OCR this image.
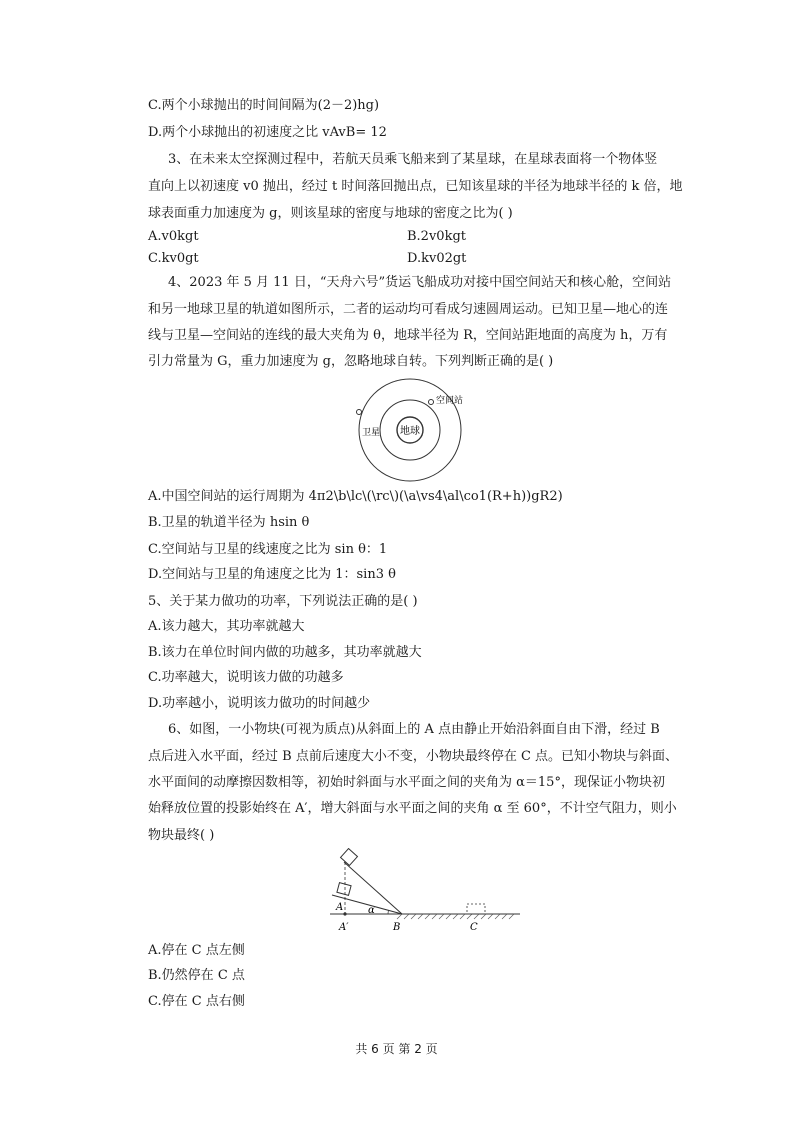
C.两个小球抛出的时间间隔为(2－2)hg)
D.两个小球抛出的初速度之比 vAvB= 12
3、在未来太空探测过程中，若航天员乘飞船来到了某星球，在星球表面将一个物体竖
直向上以初速度 v0 抛出，经过 t 时间落回抛出点，已知该星球的半径为地球半径的 k 倍，地
球表面重力加速度为 g，则该星球的密度与地球的密度之比为( )
A.v0kgt	B.2v0kgt
C.kv0gt	D.kv02gt
4、2023 年 5 月 11 日，“天舟六号”货运飞船成功对接中国空间站天和核心舱，空间站
和另一地球卫星的轨道如图所示，二者的运动均可看成匀速圆周运动。已知卫星—地心的连
线与卫星—空间站的连线的最大夹角为 θ，地球半径为 R，空间站距地面的高度为 h，万有
引力常量为 G，重力加速度为 g，忽略地球自转。下列判断正确的是( )
地球
空间站
卫星
A.中国空间站的运行周期为 4π2\b\lc\(\rc\)(\a\vs4\al\co1(R+h))gR2)
B.卫星的轨道半径为 hsin θ
C.空间站与卫星的线速度之比为 sin θ：1
D.空间站与卫星的角速度之比为 1：sin3 θ
5、关于某力做功的功率，下列说法正确的是( )
A.该力越大，其功率就越大
B.该力在单位时间内做的功越多，其功率就越大
C.功率越大，说明该力做的功越多
D.功率越小，说明该力做功的时间越少
6、如图，一小物块(可视为质点)从斜面上的 A 点由静止开始沿斜面自由下滑，经过 B
点后进入水平面，经过 B 点前后速度大小不变，小物块最终停在 C 点。已知小物块与斜面、
水平面间的动摩擦因数相等，初始时斜面与水平面之间的夹角为 α＝15°，现保证小物块初
始释放位置的投影始终在 A′，增大斜面与水平面之间的夹角 α 至 60°，不计空气阻力，则小
物块最终( )
A α
A′	B	C
A.停在 C 点左侧
B.仍然停在 C 点
C.停在 C 点右侧
共 6 页 第 2 页
